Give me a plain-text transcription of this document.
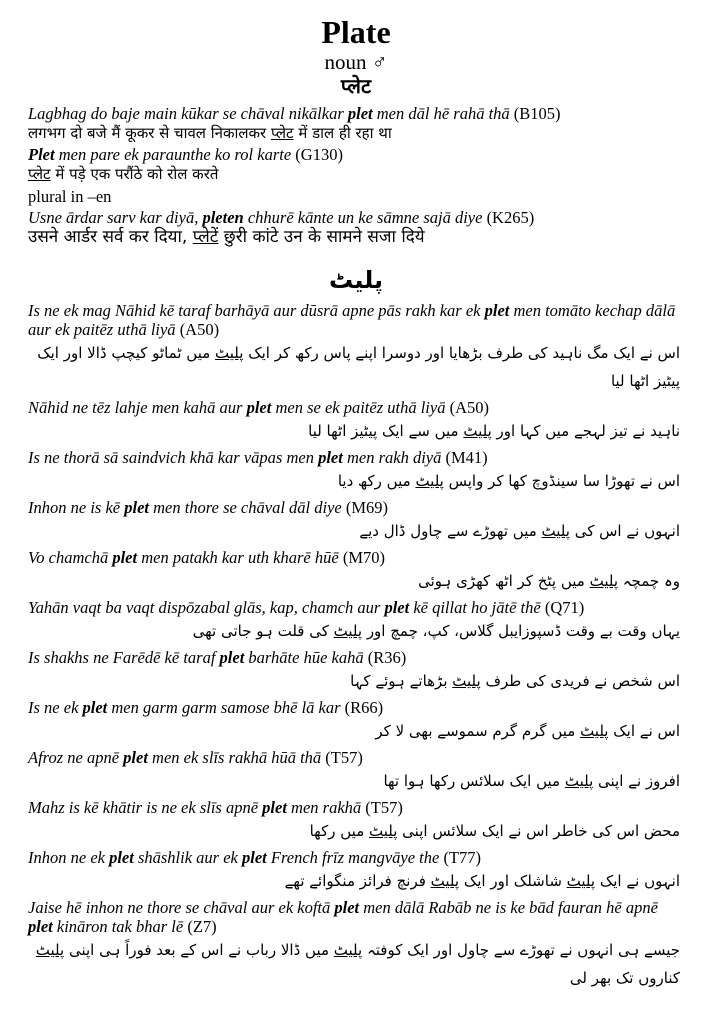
Plate
noun ♂
प्लेट
Lagbhag do baje main kūkar se chāval nikālkar plet men dāl hē rahā thā (B105)
लगभग दो बजे मैं कूकर से चावल निकालकर प्लेट में डाल ही रहा था
Plet men pare ek paraunthe ko rol karte (G130)
प्लेट में पड़े एक परौंठे को रोल करते
plural in –en
Usne ārdar sarv kar diyā, pleten chhurē kānte un ke sāmne sajā diye (K265)
उसने आर्डर सर्व कर दिया, प्लेटें छुरी कांटे उन के सामने सजा दिये
پلیٹ
Is ne ek mag Nāhid kē taraf barhāyā aur dūsrā apne pās rakh kar ek plet men tomāto kechap dālā aur ek paitēz uthā liyā (A50)
اس نے ایک مگ ناہید کی طرف بڑھایا اور دوسرا اپنے پاس رکھ کر ایک پلیٹ میں ٹماٹو کیچپ ڈالا اور ایک پیٹیز اٹھا لیا
Nāhid ne tēz lahje men kahā aur plet men se ek paitēz uthā liyā (A50)
ناہید نے تیز لہجے میں کہا اور پلیٹ میں سے ایک پیٹیز اٹھا لیا
Is ne thorā sā saindvich khā kar vāpas men plet men rakh diyā (M41)
اس نے تھوڑا سا سینڈوچ کھا کر واپس پلیٹ میں رکھ دیا
Inhon ne is kē plet men thore se chāval dāl diye (M69)
انہوں نے اس کی پلیٹ میں تھوڑے سے چاول ڈال دیے
Vo chamchā plet men patakh kar uth kharē hūē (M70)
وہ چمچہ پلیٹ میں پٹخ کر اٹھ کھڑی ہوئی
Yahān vaqt ba vaqt dispōzabal glās, kap, chamch aur plet kē qillat ho jātē thē (Q71)
یہاں وقت بے وقت ڈسپوزایبل گلاس، کپ، چمچ اور پلیٹ کی قلت ہو جاتی تھی
Is shakhs ne Farēdē kē taraf plet barhāte hūe kahā (R36)
اس شخص نے فریدی کی طرف پلیٹ بڑھاتے ہوئے کہا
Is ne ek plet men garm garm samose bhē lā kar (R66)
اس نے ایک پلیٹ میں گرم گرم سموسے بھی لا کر
Afroz ne apnē plet men ek slīs rakhā hūā thā (T57)
افروز نے اپنی پلیٹ میں ایک سلائس رکھا ہوا تھا
Mahz is kē khātir is ne ek slīs apnē plet men rakhā (T57)
محض اس کی خاطر اس نے ایک سلائس اپنی پلیٹ میں رکھا
Inhon ne ek plet shāshlik aur ek plet French frīz mangvāye the (T77)
انہوں نے ایک پلیٹ شاشلک اور ایک پلیٹ فرنچ فرائز منگوائے تھے
Jaise hē inhon ne thore se chāval aur ek koftā plet men dālā Rabāb ne is ke bād fauran hē apnē plet kināron tak bhar lē (Z7)
جیسے ہی انہوں نے تھوڑے سے چاول اور ایک کوفتہ پلیٹ میں ڈالا رباب نے اس کے بعد فوراً ہی اپنی پلیٹ کناروں تک بھر لی
